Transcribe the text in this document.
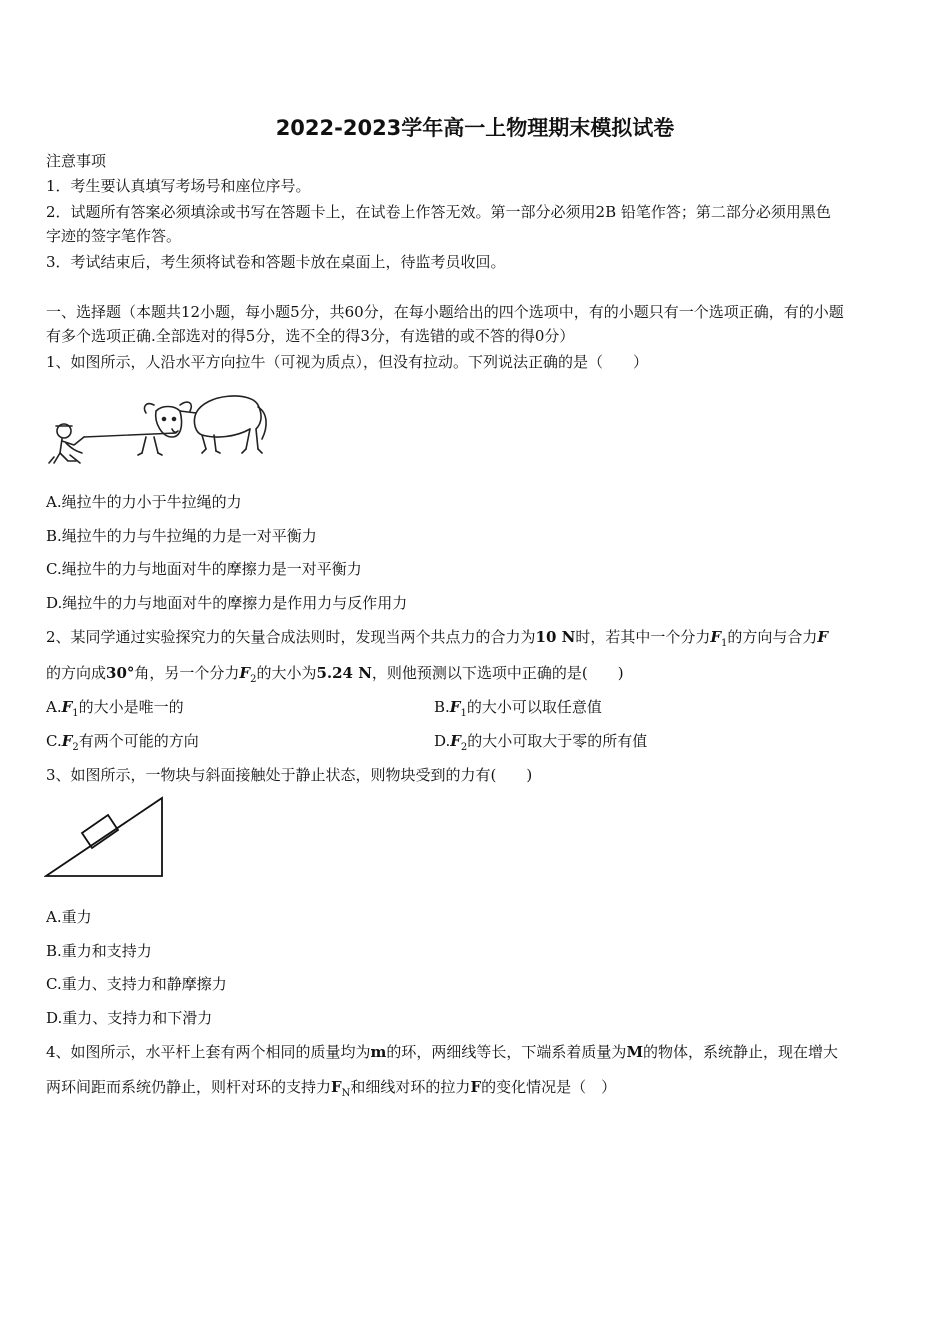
2022-2023学年高一上物理期末模拟试卷
注意事项
1．考生要认真填写考场号和座位序号。
2．试题所有答案必须填涂或书写在答题卡上，在试卷上作答无效。第一部分必须用2B 铅笔作答；第二部分必须用黑色
字迹的签字笔作答。
3．考试结束后，考生须将试卷和答题卡放在桌面上，待监考员收回。
一、选择题（本题共12小题，每小题5分，共60分，在每小题给出的四个选项中，有的小题只有一个选项正确，有的小题
有多个选项正确.全部选对的得5分，选不全的得3分，有选错的或不答的得0分）
1、如图所示，人沿水平方向拉牛（可视为质点），但没有拉动。下列说法正确的是（　　）
A.绳拉牛的力小于牛拉绳的力
B.绳拉牛的力与牛拉绳的力是一对平衡力
C.绳拉牛的力与地面对牛的摩擦力是一对平衡力
D.绳拉牛的力与地面对牛的摩擦力是作用力与反作用力
2、某同学通过实验探究力的矢量合成法则时，发现当两个共点力的合力为10 N时，若其中一个分力$F_1$的方向与合力F
的方向成30°角，另一个分力$F_2$的大小为5.24 N，则他预测以下选项中正确的是(　　)
$A.F_1$的大小是唯一的	$B.F_1$的大小可以取任意值
$C.F_2$有两个可能的方向	$D.F_2$的大小可取大于零的所有值
3、如图所示，一物块与斜面接触处于静止状态，则物块受到的力有(　　)
A.重力
B.重力和支持力
C.重力、支持力和静摩擦力
D.重力、支持力和下滑力
4、如图所示，水平杆上套有两个相同的质量均为m的环，两细线等长，下端系着质量为M的物体，系统静止，现在增大
两环间距而系统仍静止，则杆对环的支持力$F_N$和细线对环的拉力F的变化情况是（　）
